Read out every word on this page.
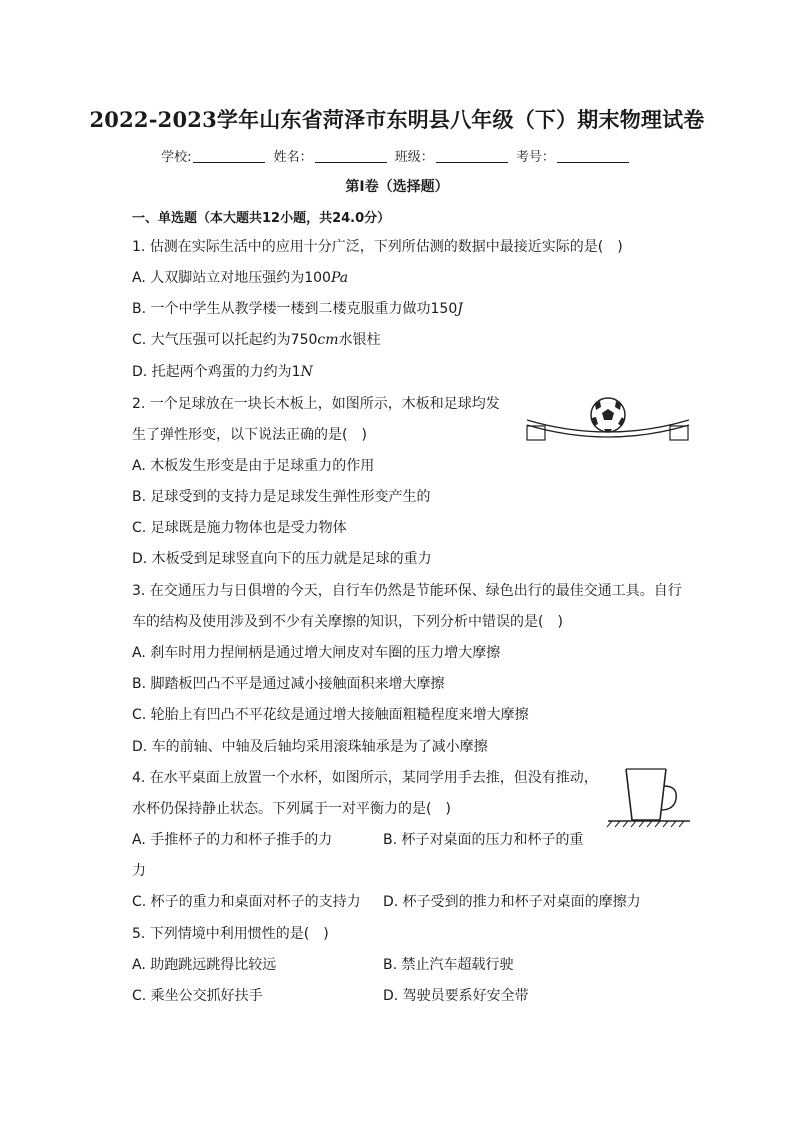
2022-2023学年山东省菏泽市东明县八年级（下）期末物理试卷
学校:	姓名：	班级：	考号：
第Ⅰ卷（选择题）
一、单选题（本大题共12小题，共24.0分）
1. 估测在实际生活中的应用十分广泛，下列所估测的数据中最接近实际的是(　)
A. 人双脚站立对地压强约为100Pa
B. 一个中学生从教学楼一楼到二楼克服重力做功150J
C. 大气压强可以托起约为750cm水银柱
D. 托起两个鸡蛋的力约为1N
2. 一个足球放在一块长木板上，如图所示，木板和足球均发
生了弹性形变，以下说法正确的是(　)
A. 木板发生形变是由于足球重力的作用
B. 足球受到的支持力是足球发生弹性形变产生的
C. 足球既是施力物体也是受力物体
D. 木板受到足球竖直向下的压力就是足球的重力
3. 在交通压力与日俱增的今天，自行车仍然是节能环保、绿色出行的最佳交通工具。自行
车的结构及使用涉及到不少有关摩擦的知识，下列分析中错误的是(　)
A. 刹车时用力捏闸柄是通过增大闸皮对车圈的压力增大摩擦
B. 脚踏板凹凸不平是通过减小接触面积来增大摩擦
C. 轮胎上有凹凸不平花纹是通过增大接触面粗糙程度来增大摩擦
D. 车的前轴、中轴及后轴均采用滚珠轴承是为了减小摩擦
4. 在水平桌面上放置一个水杯，如图所示，某同学用手去推，但没有推动，
水杯仍保持静止状态。下列属于一对平衡力的是(　)
A. 手推杯子的力和杯子推手的力	B. 杯子对桌面的压力和杯子的重
力
C. 杯子的重力和桌面对杯子的支持力 D. 杯子受到的推力和杯子对桌面的摩擦力
5. 下列情境中利用惯性的是(　)
A. 助跑跳远跳得比较远	B. 禁止汽车超载行驶
C. 乘坐公交抓好扶手	D. 驾驶员要系好安全带
